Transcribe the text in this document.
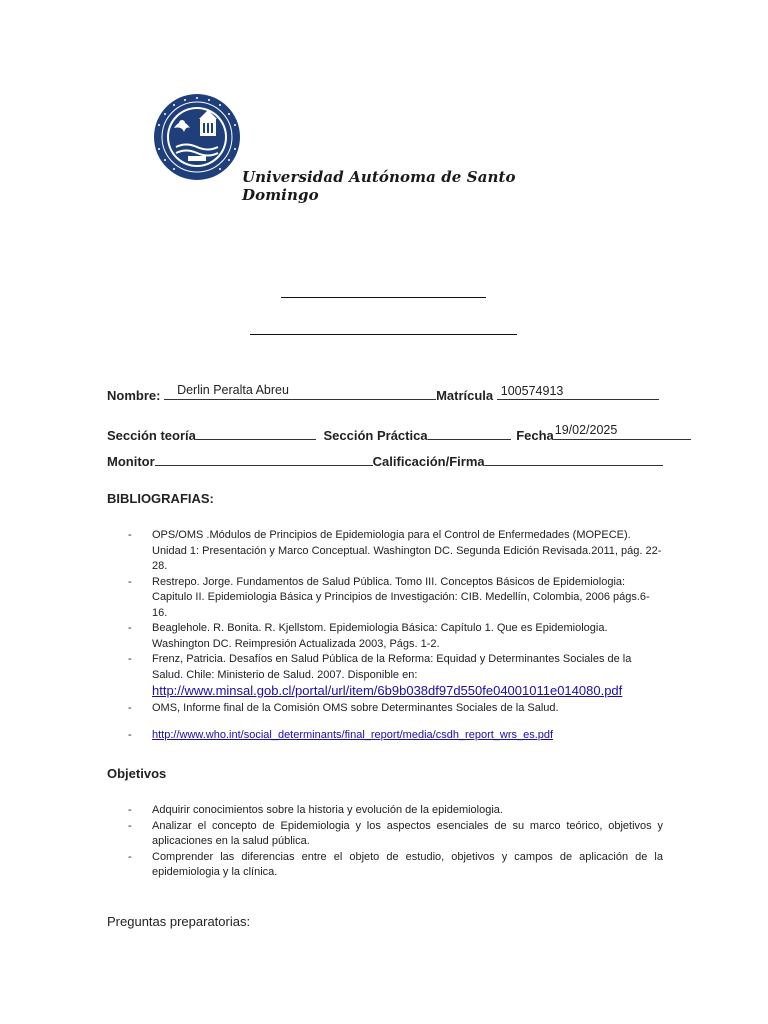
Universidad Autónoma de Santo Domingo
Nombre: Derlin Peralta Abreu	Matrícula 100574913
Sección teoría	Sección Práctica	Fecha 19/02/2025
Monitor	Calificación/Firma
BIBLIOGRAFIAS:
- OPS/OMS .Módulos de Principios de Epidemiologia para el Control de Enfermedades (MOPECE). Unidad 1: Presentación y Marco Conceptual. Washington DC. Segunda Edición Revisada.2011, pág. 22-28.
- Restrepo. Jorge. Fundamentos de Salud Pública. Tomo III. Conceptos Básicos de Epidemiologia: Capitulo II. Epidemiologia Básica y Principios de Investigación: CIB. Medellín, Colombia, 2006 págs.6-16.
- Beaglehole. R. Bonita. R. Kjellstom. Epidemiologia Básica: Capítulo 1. Que es Epidemiologia. Washington DC. Reimpresión Actualizada 2003, Págs. 1-2.
- Frenz, Patricia. Desafíos en Salud Pública de la Reforma: Equidad y Determinantes Sociales de la Salud. Chile: Ministerio de Salud. 2007. Disponible en:
http://www.minsal.gob.cl/portal/url/item/6b9b038df97d550fe04001011e014080.pdf
- OMS, Informe final de la Comisión OMS sobre Determinantes Sociales de la Salud.
- http://www.who.int/social_determinants/final_report/media/csdh_report_wrs_es.pdf
Objetivos
- Adquirir conocimientos sobre la historia y evolución de la epidemiologia.
- Analizar el concepto de Epidemiologia y los aspectos esenciales de su marco teórico, objetivos y aplicaciones en la salud pública.
- Comprender las diferencias entre el objeto de estudio, objetivos y campos de aplicación de la epidemiologia y la clínica.
Preguntas preparatorias:
